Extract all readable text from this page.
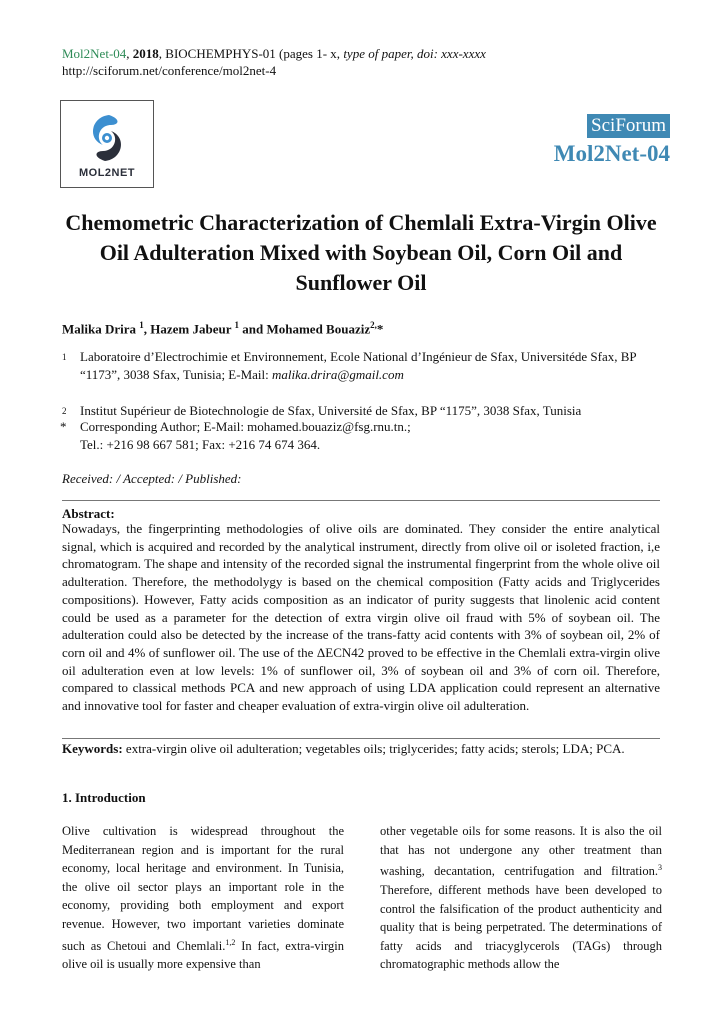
Mol2Net-04, 2018, BIOCHEMPHYS-01 (pages 1- x, type of paper, doi: xxx-xxxx
http://sciforum.net/conference/mol2net-4
MOL2NET
SciForum
Mol2Net-04
Chemometric Characterization of Chemlali Extra-Virgin Olive Oil Adulteration Mixed with Soybean Oil, Corn Oil and Sunflower Oil
Malika Drira $^1$, Hazem Jabeur $^1$ and Mohamed Bouaziz$^{2,}$*
1 Laboratoire d’Electrochimie et Environnement, Ecole National d’Ingénieur de Sfax, Universitéde Sfax, BP “1173”, 3038 Sfax, Tunisia; E-Mail: malika.drira@gmail.com
2 Institut Supérieur de Biotechnologie de Sfax, Université de Sfax, BP “1175”, 3038 Sfax, Tunisia
* Corresponding Author; E-Mail: mohamed.bouaziz@fsg.rnu.tn.;
Tel.: +216 98 667 581; Fax: +216 74 674 364.
Received: / Accepted: / Published:
Abstract:
Nowadays, the fingerprinting methodologies of olive oils are dominated. They consider the entire analytical signal, which is acquired and recorded by the analytical instrument, directly from olive oil or isoleted fraction, i,e chromatogram. The shape and intensity of the recorded signal the instrumental fingerprint from the whole olive oil adulteration. Therefore, the methodolygy is based on the chemical composition (Fatty acids and Triglycerides compositions). However, Fatty acids composition as an indicator of purity suggests that linolenic acid content could be used as a parameter for the detection of extra virgin olive oil fraud with 5% of soybean oil. The adulteration could also be detected by the increase of the trans-fatty acid contents with 3% of soybean oil, 2% of corn oil and 4% of sunflower oil. The use of the ΔECN42 proved to be effective in the Chemlali extra-virgin olive oil adulteration even at low levels: 1% of sunflower oil, 3% of soybean oil and 3% of corn oil. Therefore, compared to classical methods PCA and new approach of using LDA application could represent an alternative and innovative tool for faster and cheaper evaluation of extra-virgin olive oil adulteration.
Keywords: extra-virgin olive oil adulteration; vegetables oils; triglycerides; fatty acids; sterols; LDA; PCA.
1. Introduction
Olive cultivation is widespread throughout the Mediterranean region and is important for the rural economy, local heritage and environment. In Tunisia, the olive oil sector plays an important role in the economy, providing both employment and export revenue. However, two important varieties dominate such as Chetoui and Chemlali.$^{1,2}$ In fact, extra-virgin olive oil is usually more expensive than
other vegetable oils for some reasons. It is also the oil that has not undergone any other treatment than washing, decantation, centrifugation and filtration.$^3$ Therefore, different methods have been developed to control the falsification of the product authenticity and quality that is being perpetrated. The determinations of fatty acids and triacyglycerols (TAGs) through chromatographic methods allow the
